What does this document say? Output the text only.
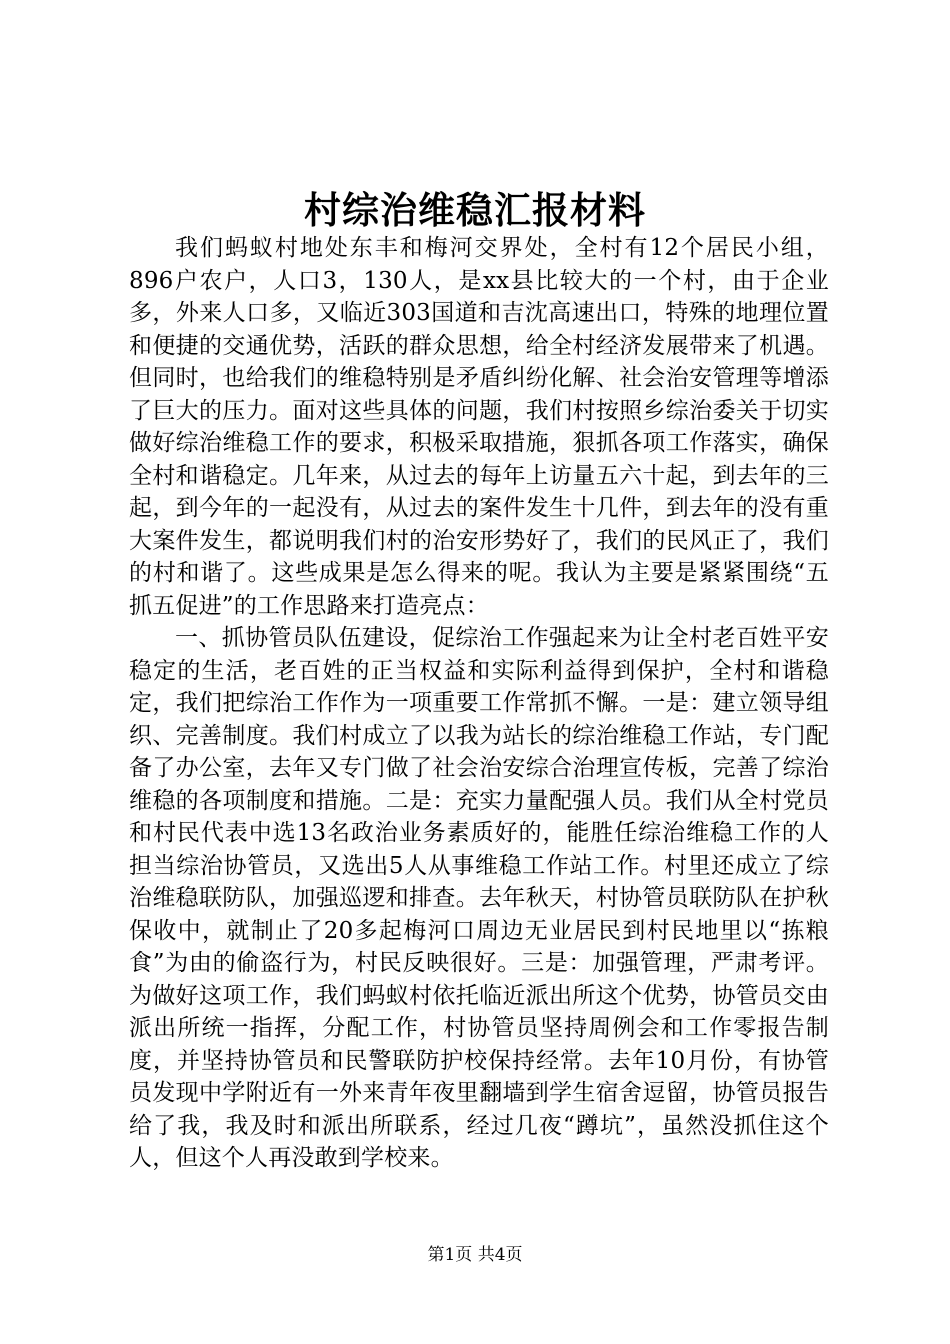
村综治维稳汇报材料

我们蚂蚁村地处东丰和梅河交界处，全村有12个居民小组，896户农户，人口3，130人，是xx县比较大的一个村，由于企业多，外来人口多，又临近303国道和吉沈高速出口，特殊的地理位置和便捷的交通优势，活跃的群众思想，给全村经济发展带来了机遇。但同时，也给我们的维稳特别是矛盾纠纷化解、社会治安管理等增添了巨大的压力。面对这些具体的问题，我们村按照乡综治委关于切实做好综治维稳工作的要求，积极采取措施，狠抓各项工作落实，确保全村和谐稳定。几年来，从过去的每年上访量五六十起，到去年的三起，到今年的一起没有，从过去的案件发生十几件，到去年的没有重大案件发生，都说明我们村的治安形势好了，我们的民风正了，我们的村和谐了。这些成果是怎么得来的呢。我认为主要是紧紧围绕“五抓五促进”的工作思路来打造亮点：

一、抓协管员队伍建设，促综治工作强起来为让全村老百姓平安稳定的生活，老百姓的正当权益和实际利益得到保护，全村和谐稳定，我们把综治工作作为一项重要工作常抓不懈。一是：建立领导组织、完善制度。我们村成立了以我为站长的综治维稳工作站，专门配备了办公室，去年又专门做了社会治安综合治理宣传板，完善了综治维稳的各项制度和措施。二是：充实力量配强人员。我们从全村党员和村民代表中选13名政治业务素质好的，能胜任综治维稳工作的人担当综治协管员，又选出5人从事维稳工作站工作。村里还成立了综治维稳联防队，加强巡逻和排查。去年秋天，村协管员联防队在护秋保收中，就制止了20多起梅河口周边无业居民到村民地里以“拣粮食”为由的偷盗行为，村民反映很好。三是：加强管理，严肃考评。为做好这项工作，我们蚂蚁村依托临近派出所这个优势，协管员交由派出所统一指挥，分配工作，村协管员坚持周例会和工作零报告制度，并坚持协管员和民警联防护校保持经常。去年10月份，有协管员发现中学附近有一外来青年夜里翻墙到学生宿舍逗留，协管员报告给了我，我及时和派出所联系，经过几夜“蹲坑”，虽然没抓住这个人，但这个人再没敢到学校来。

第1页 共4页
